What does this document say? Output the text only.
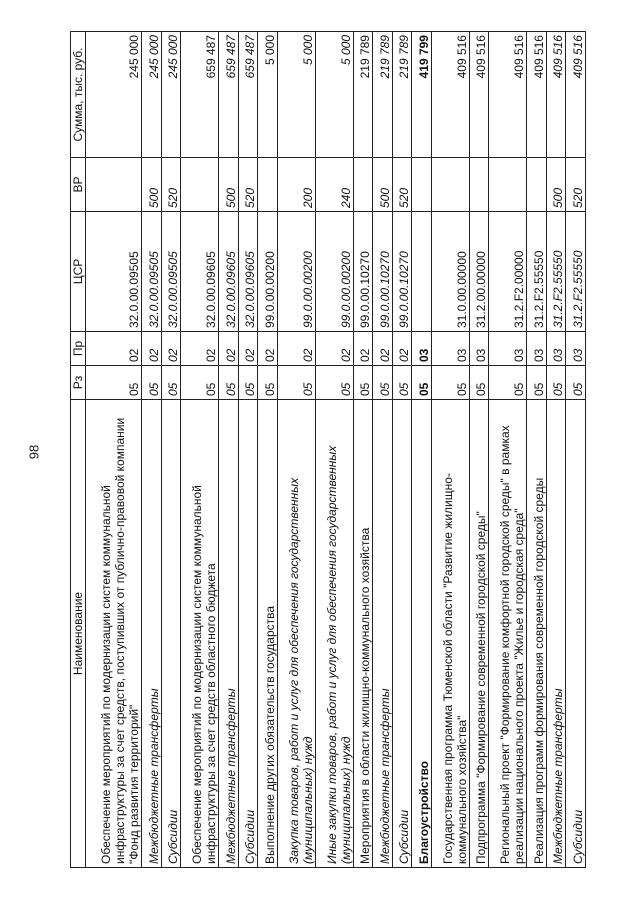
98
Наименование	Рз	Пр	ЦСР	ВР	Сумма, тыс. руб.
Обеспечение мероприятий по модернизации систем коммунальной инфраструктуры за счет средств, поступивших от публично-правовой компании "Фонд развития территорий"	05	02	32.0.00.09505		245 000
Межбюджетные трансферты	05	02	32.0.00.09505	500	245 000
Субсидии	05	02	32.0.00.09505	520	245 000
Обеспечение мероприятий по модернизации систем коммунальной инфраструктуры за счет средств областного бюджета	05	02	32.0.00.09605		659 487
Межбюджетные трансферты	05	02	32.0.00.09605	500	659 487
Субсидии	05	02	32.0.00.09605	520	659 487
Выполнение других обязательств государства	05	02	99.0.00.00200		5 000
Закупка товаров, работ и услуг для обеспечения государственных (муниципальных) нужд	05	02	99.0.00.00200	200	5 000
Иные закупки товаров, работ и услуг для обеспечения государственных (муниципальных) нужд	05	02	99.0.00.00200	240	5 000
Мероприятия в области жилищно-коммунального хозяйства	05	02	99.0.00.10270		219 789
Межбюджетные трансферты	05	02	99.0.00.10270	500	219 789
Субсидии	05	02	99.0.00.10270	520	219 789
Благоустройство	05	03			419 799
Государственная программа Тюменской области "Развитие жилищно-коммунального хозяйства"	05	03	31.0.00.00000		409 516
Подпрограмма "Формирование современной городской среды"	05	03	31.2.00.00000		409 516
Региональный проект "Формирование комфортной городской среды" в рамках реализации национального проекта "Жилье и городская среда"	05	03	31.2.F2.00000		409 516
Реализация программ формирования современной городской среды	05	03	31.2.F2.55550		409 516
Межбюджетные трансферты	05	03	31.2.F2.55550	500	409 516
Субсидии	05	03	31.2.F2.55550	520	409 516
